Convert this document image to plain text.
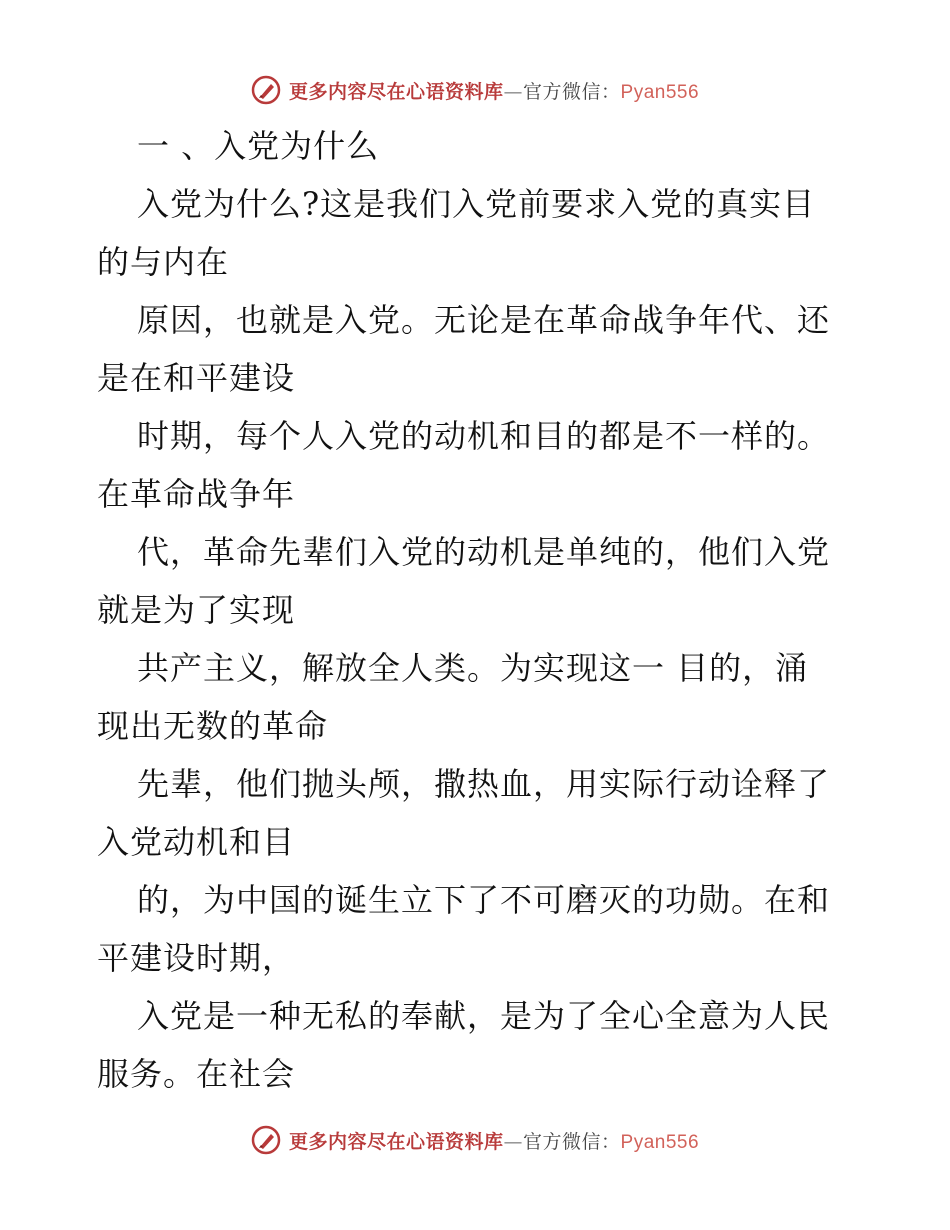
更多内容尽在心语资料库—官方微信：Pyan556
一 、入党为什么
入党为什么?这是我们入党前要求入党的真实目
的与内在
原因，也就是入党。无论是在革命战争年代、还
是在和平建设
时期，每个人入党的动机和目的都是不一样的。
在革命战争年
代，革命先辈们入党的动机是单纯的，他们入党
就是为了实现
共产主义，解放全人类。为实现这一 目的，涌
现出无数的革命
先辈，他们抛头颅，撒热血，用实际行动诠释了
入党动机和目
的，为中国的诞生立下了不可磨灭的功勋。在和
平建设时期，
入党是一种无私的奉献，是为了全心全意为人民
服务。在社会
更多内容尽在心语资料库—官方微信：Pyan556
